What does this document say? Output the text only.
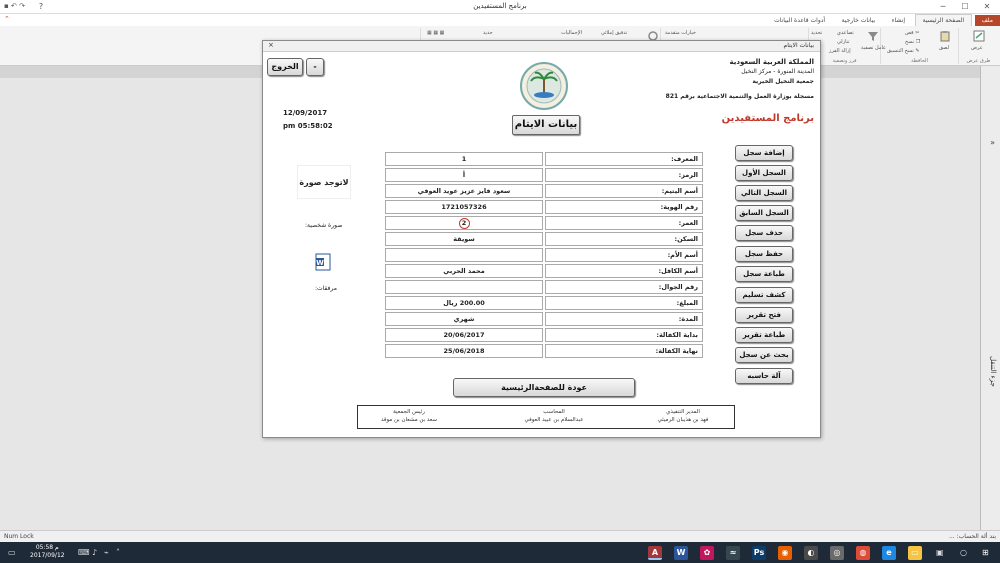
▪ ↶ ↷	برنامج المستفيدين
?	─	☐	✕
ملف الصفحة الرئيسية إنشاء بيانات خارجية أدوات قاعدة البيانات
⌃
عرض
طرق عرض
لصق
✂ قص
❐ نسخ
✎ نسخ التنسيق
الحافظة
عامل تصفية
تصاعدي
تنازلي
إزالة الفرز
تحديد
فرز وتصفية
خيارات متقدمة
الإجماليات
جديد	تدقيق إملائي
▦ ▦ ▦
»
جزء التنقل
بيانات الايتام
×
الخروج	-	المملكة العربية السعودية
المدينة المنورة - مركز النخيل
جمعية النخيل الخيرية
مسجلة بوزارة العمل والتنمية الاجتماعية برقم 821
برنامج المستفيدين
بيانات الايتام
12/09/2017
05:58:02 pm
لاتوجد صورة
صورة شخصية:
W
مرفقات:
المعرف:
1
الرمز:
أ
أسم اليتيم:
سعود فايز عزيز عويد العوفي
رقم الهوية:
1721057326
العمر:
2
السكن:
سويقة
أسم الأم:
أسم الكافل:
محمد الحربي
رقم الجوال:
المبلغ:
200.00 ريال
المدة:
شهري
بداية الكفالة:
20/06/2017
نهاية الكفالة:
25/06/2018
إضافة سجل
السجل الأول
السجل التالي
السجل السابق
حذف سجل
حفظ سجل
طباعة سجل
كشف تسليم
فتح تقرير
طباعة تقرير
بحث عن سجل
آلة حاسبه
عودة للصفحةالرئيسية
المدير التنفيذي
فهد بن هذيبان الرميثي
المحاسب
عبدالسلام بن عبيد العوفي
رئيس الجمعية
سعد بن مشعان بن موقد
Num Lock	بند ألة الحساب: ...
▭
05:58 م
2017/09/12 ⌨ ♪ ⌁ ˄	A	W	✿	≈	Ps	◉	◐	◎	◍	e	▭	▣ ○ ⊞
